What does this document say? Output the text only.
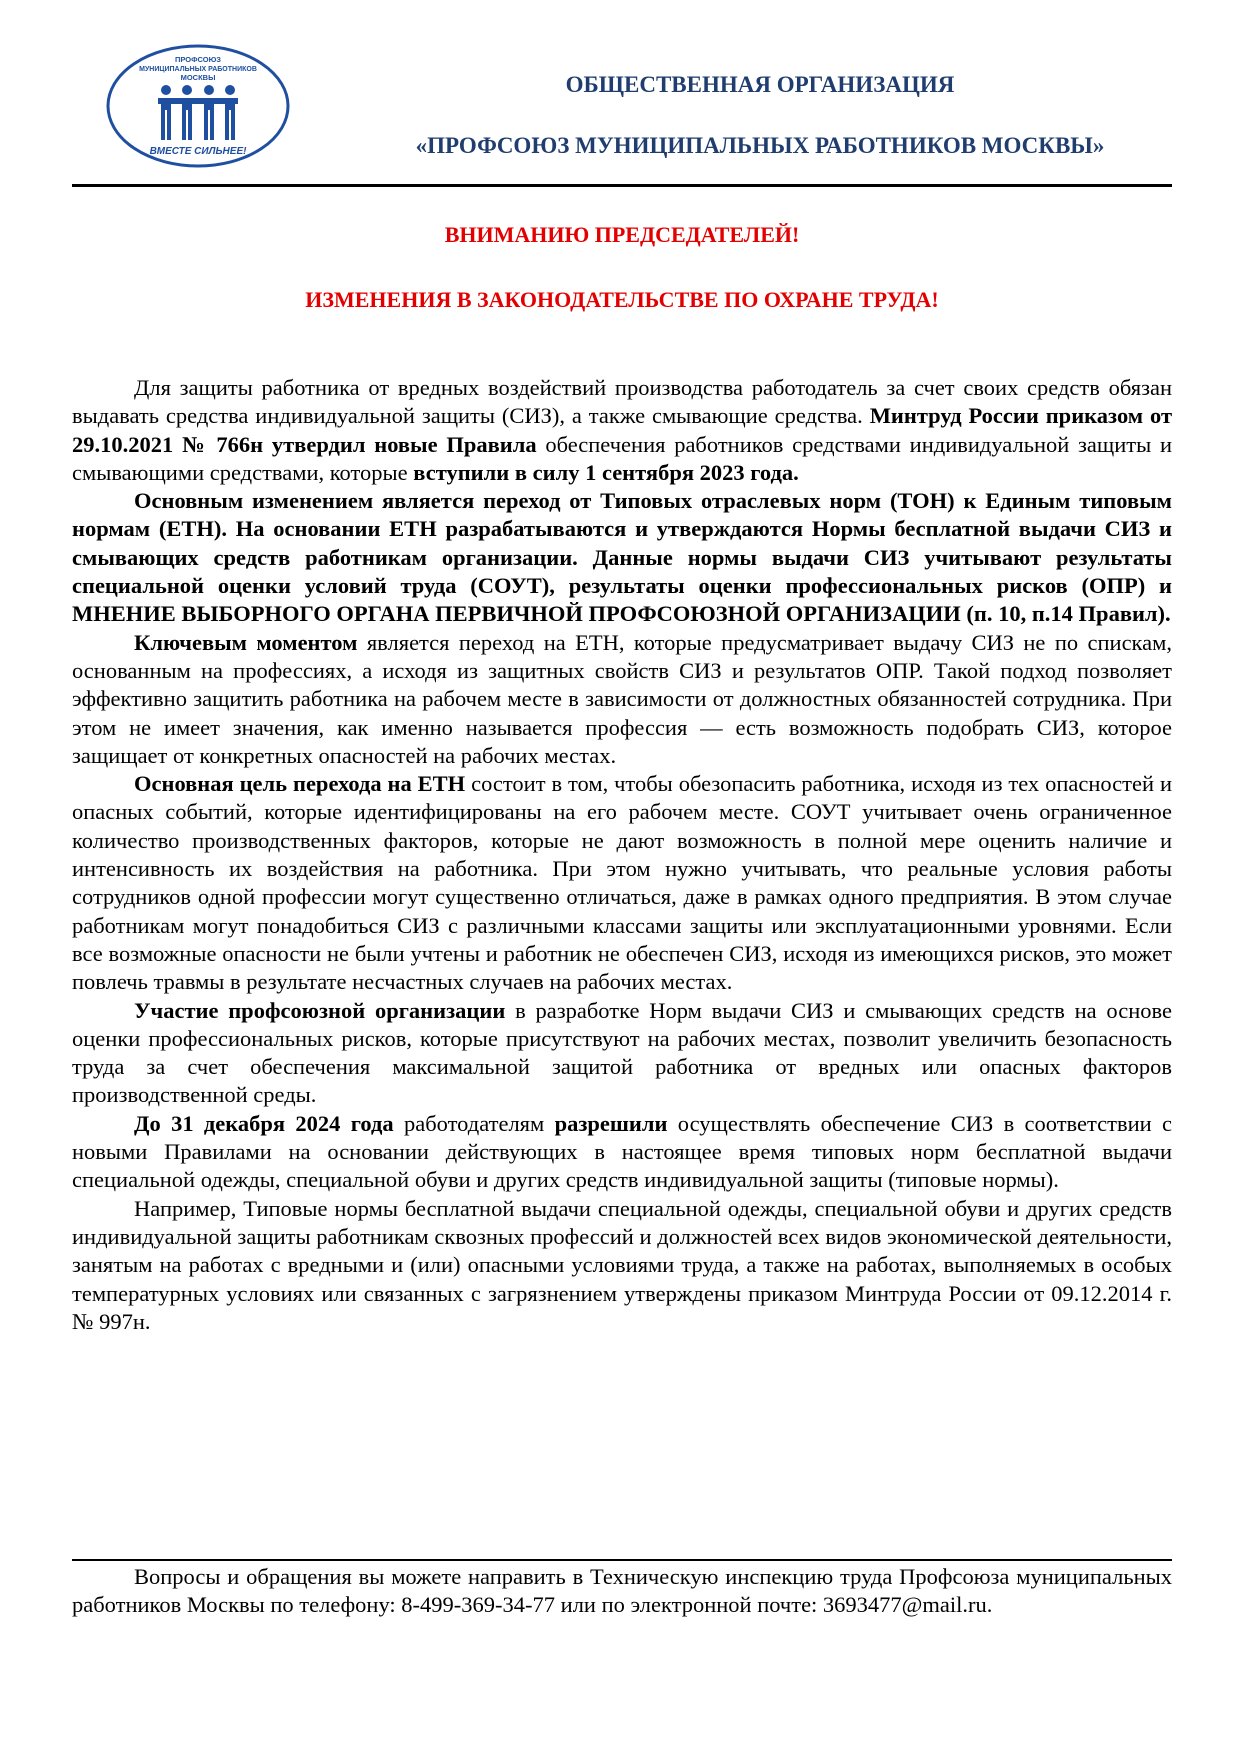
ПРОФСОЮЗ
МУНИЦИПАЛЬНЫХ РАБОТНИКОВ
МОСКВЫ
ВМЕСТЕ СИЛЬНЕЕ!
ОБЩЕСТВЕННАЯ ОРГАНИЗАЦИЯ
«ПРОФСОЮЗ МУНИЦИПАЛЬНЫХ РАБОТНИКОВ МОСКВЫ»
ВНИМАНИЮ ПРЕДСЕДАТЕЛЕЙ!
ИЗМЕНЕНИЯ В ЗАКОНОДАТЕЛЬСТВЕ ПО ОХРАНЕ ТРУДА!

Для защиты работника от вредных воздействий производства работодатель за счет своих средств обязан выдавать средства индивидуальной защиты (СИЗ), а также смывающие средства. Минтруд России приказом от 29.10.2021 № 766н утвердил новые Правила обеспечения работников средствами индивидуальной защиты и смывающими средствами, которые вступили в силу 1 сентября 2023 года.

Основным изменением является переход от Типовых отраслевых норм (ТОН) к Единым типовым нормам (ЕТН). На основании ЕТН разрабатываются и утверждаются Нормы бесплатной выдачи СИЗ и смывающих средств работникам организации. Данные нормы выдачи СИЗ учитывают результаты специальной оценки условий труда (СОУТ), результаты оценки профессиональных рисков (ОПР) и МНЕНИЕ ВЫБОРНОГО ОРГАНА ПЕРВИЧНОЙ ПРОФСОЮЗНОЙ ОРГАНИЗАЦИИ (п. 10, п.14 Правил).

Ключевым моментом является переход на ЕТН, которые предусматривает выдачу СИЗ не по спискам, основанным на профессиях, а исходя из защитных свойств СИЗ и результатов ОПР. Такой подход позволяет эффективно защитить работника на рабочем месте в зависимости от должностных обязанностей сотрудника. При этом не имеет значения, как именно называется профессия — есть возможность подобрать СИЗ, которое защищает от конкретных опасностей на рабочих местах.

Основная цель перехода на ЕТН состоит в том, чтобы обезопасить работника, исходя из тех опасностей и опасных событий, которые идентифицированы на его рабочем месте. СОУТ учитывает очень ограниченное количество производственных факторов, которые не дают возможность в полной мере оценить наличие и интенсивность их воздействия на работника. При этом нужно учитывать, что реальные условия работы сотрудников одной профессии могут существенно отличаться, даже в рамках одного предприятия. В этом случае работникам могут понадобиться СИЗ с различными классами защиты или эксплуатационными уровнями. Если все возможные опасности не были учтены и работник не обеспечен СИЗ, исходя из имеющихся рисков, это может повлечь травмы в результате несчастных случаев на рабочих местах.

Участие профсоюзной организации в разработке Норм выдачи СИЗ и смывающих средств на основе оценки профессиональных рисков, которые присутствуют на рабочих местах, позволит увеличить безопасность труда за счет обеспечения максимальной защитой работника от вредных или опасных факторов производственной среды.

До 31 декабря 2024 года работодателям разрешили осуществлять обеспечение СИЗ в соответствии с новыми Правилами на основании действующих в настоящее время типовых норм бесплатной выдачи специальной одежды, специальной обуви и других средств индивидуальной защиты (типовые нормы).

Например, Типовые нормы бесплатной выдачи специальной одежды, специальной обуви и других средств индивидуальной защиты работникам сквозных профессий и должностей всех видов экономической деятельности, занятым на работах с вредными и (или) опасными условиями труда, а также на работах, выполняемых в особых температурных условиях или связанных с загрязнением утверждены приказом Минтруда России от 09.12.2014 г. № 997н.

Вопросы и обращения вы можете направить в Техническую инспекцию труда Профсоюза муниципальных работников Москвы по телефону: 8-499-369-34-77 или по электронной почте: 3693477@mail.ru.
